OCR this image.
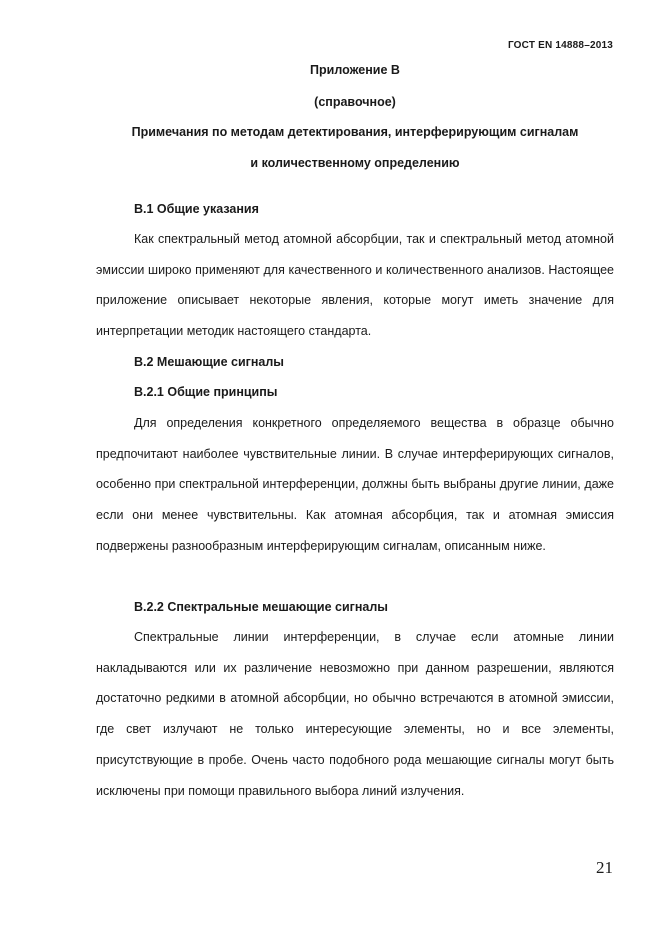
ГОСТ EN 14888–2013
Приложение B
(справочное)
Примечания по методам детектирования, интерферирующим сигналам
и количественному определению
B.1 Общие указания

Как спектральный метод атомной абсорбции, так и спектральный метод атомной эмиссии широко применяют для качественного и количественного анализов. Настоящее приложение описывает некоторые явления, которые могут иметь значение для интерпретации методик настоящего стандарта.

B.2 Мешающие сигналы
B.2.1 Общие принципы

Для определения конкретного определяемого вещества в образце обычно предпочитают наиболее чувствительные линии. В случае интерферирующих сигналов, особенно при спектральной интерференции, должны быть выбраны другие линии, даже если они менее чувствительны. Как атомная абсорбция, так и атомная эмиссия подвержены разнообразным интерферирующим сигналам, описанным ниже.

B.2.2 Спектральные мешающие сигналы

Спектральные линии интерференции, в случае если атомные линии накладываются или их различение невозможно при данном разрешении, являются достаточно редкими в атомной абсорбции, но обычно встречаются в атомной эмиссии, где свет излучают не только интересующие элементы, но и все элементы, присутствующие в пробе. Очень часто подобного рода мешающие сигналы могут быть исключены при помощи правильного выбора линий излучения.

21
